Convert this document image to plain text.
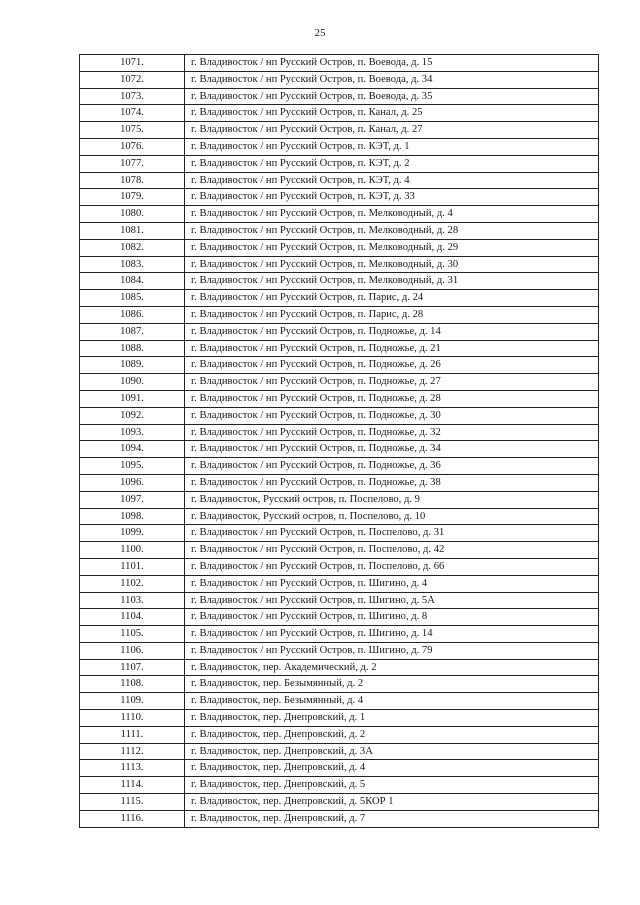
25
1071.	г. Владивосток / нп Русский Остров, п. Воевода, д. 15
1072.	г. Владивосток / нп Русский Остров, п. Воевода, д. 34
1073.	г. Владивосток / нп Русский Остров, п. Воевода, д. 35
1074.	г. Владивосток / нп Русский Остров, п. Канал, д. 25
1075.	г. Владивосток / нп Русский Остров, п. Канал, д. 27
1076.	г. Владивосток / нп Русский Остров, п. КЭТ, д. 1
1077.	г. Владивосток / нп Русский Остров, п. КЭТ, д. 2
1078.	г. Владивосток / нп Русский Остров, п. КЭТ, д. 4
1079.	г. Владивосток / нп Русский Остров, п. КЭТ, д. 33
1080.	г. Владивосток / нп Русский Остров, п. Мелководный, д. 4
1081.	г. Владивосток / нп Русский Остров, п. Мелководный, д. 28
1082.	г. Владивосток / нп Русский Остров, п. Мелководный, д. 29
1083.	г. Владивосток / нп Русский Остров, п. Мелководный, д. 30
1084.	г. Владивосток / нп Русский Остров, п. Мелководный, д. 31
1085.	г. Владивосток / нп Русский Остров, п. Парис, д. 24
1086.	г. Владивосток / нп Русский Остров, п. Парис, д. 28
1087.	г. Владивосток / нп Русский Остров, п. Подножье, д. 14
1088.	г. Владивосток / нп Русский Остров, п. Подножье, д. 21
1089.	г. Владивосток / нп Русский Остров, п. Подножье, д. 26
1090.	г. Владивосток / нп Русский Остров, п. Подножье, д. 27
1091.	г. Владивосток / нп Русский Остров, п. Подножье, д. 28
1092.	г. Владивосток / нп Русский Остров, п. Подножье, д. 30
1093.	г. Владивосток / нп Русский Остров, п. Подножье, д. 32
1094.	г. Владивосток / нп Русский Остров, п. Подножье, д. 34
1095.	г. Владивосток / нп Русский Остров, п. Подножье, д. 36
1096.	г. Владивосток / нп Русский Остров, п. Подножье, д. 38
1097.	г. Владивосток, Русский остров, п. Поспелово, д. 9
1098.	г. Владивосток, Русский остров, п. Поспелово, д. 10
1099.	г. Владивосток / нп Русский Остров, п. Поспелово, д. 31
1100.	г. Владивосток / нп Русский Остров, п. Поспелово, д. 42
1101.	г. Владивосток / нп Русский Остров, п. Поспелово, д. 66
1102.	г. Владивосток / нп Русский Остров, п. Шигино, д. 4
1103.	г. Владивосток / нп Русский Остров, п. Шигино, д. 5А
1104.	г. Владивосток / нп Русский Остров, п. Шигино, д. 8
1105.	г. Владивосток / нп Русский Остров, п. Шигино, д. 14
1106.	г. Владивосток / нп Русский Остров, п. Шигино, д. 79
1107.	г. Владивосток, пер. Академический, д. 2
1108.	г. Владивосток, пер. Безымянный, д. 2
1109.	г. Владивосток, пер. Безымянный, д. 4
1110.	г. Владивосток, пер. Днепровский, д. 1
1111.	г. Владивосток, пер. Днепровский, д. 2
1112.	г. Владивосток, пер. Днепровский, д. 3А
1113.	г. Владивосток, пер. Днепровский, д. 4
1114.	г. Владивосток, пер. Днепровский, д. 5
1115.	г. Владивосток, пер. Днепровский, д. 5КОР 1
1116.	г. Владивосток, пер. Днепровский, д. 7
